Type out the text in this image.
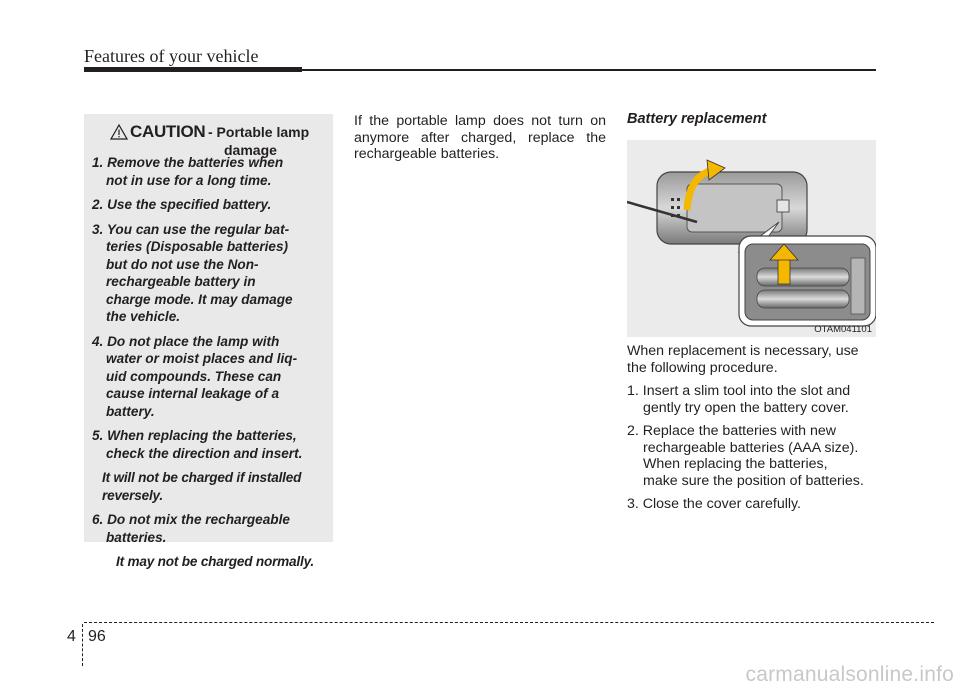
Features of your vehicle
CAUTION - Portable lamp
damage
1. Remove the batteries when
not in use for a long time.
2. Use the specified battery.
3. You can use the regular bat-
teries (Disposable batteries)
but do not use the Non-
rechargeable battery in
charge mode. It may damage
the vehicle.
4. Do not place the lamp with
water or moist places and liq-
uid compounds. These can
cause internal leakage of a
battery.
5. When replacing the batteries,
check the direction and insert.
It will not be charged if installed
reversely.
6. Do not mix the rechargeable
batteries.
It may not be charged normally.
If the portable lamp does not turn on anymore after charged, replace the rechargeable batteries.
Battery replacement
OTAM041101

When replacement is necessary, use the following procedure.

1. Insert a slim tool into the slot and
gently try open the battery cover.
2. Replace the batteries with new
rechargeable batteries (AAA size).
When replacing the batteries,
make sure the position of batteries.
3. Close the cover carefully.
4 96
carmanualsonline.info
